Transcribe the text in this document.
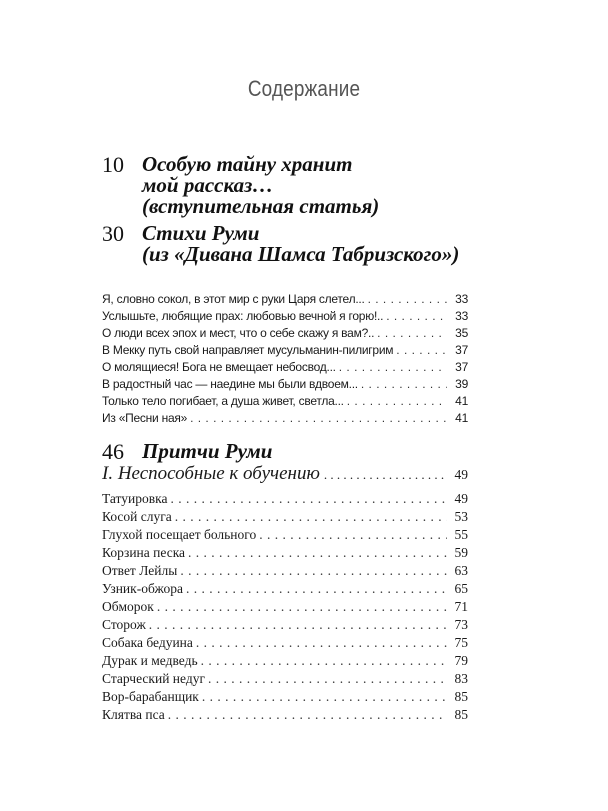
Содержание
10 Особую тайну хранит
мой рассказ…
(вступительная статья)
30 Стихи Руми
(из «Дивана Шамса Табризского»)
Я, словно сокол, в этот мир с руки Царя слетел... . . .	33
Услышьте, любящие прах: любовью вечной я горю!.. . . .	33
О люди всех эпох и мест, что о себе скажу я вам?.. . . .	35
В Мекку путь свой направляет мусульманин-пилигрим . . .	37
О молящиеся! Бога не вмещает небосвод... . . .	37
В радостный час — наедине мы были вдвоем... . . .	39
Только тело погибает, а душа живет, светла... . . .	41
Из «Песни ная» . . .	41
46 Притчи Руми
I. Неспособные к обучению . . .	49
Татуировка . . .	49
Косой слуга . . .	53
Глухой посещает больного . . .	55
Корзина песка . . .	59
Ответ Лейлы . . .	63
Узник-обжора . . .	65
Обморок . . .	71
Сторож . . .	73
Собака бедуина . . .	75
Дурак и медведь . . .	79
Старческий недуг . . .	83
Вор-барабанщик . . .	85
Клятва пса . . .	85
